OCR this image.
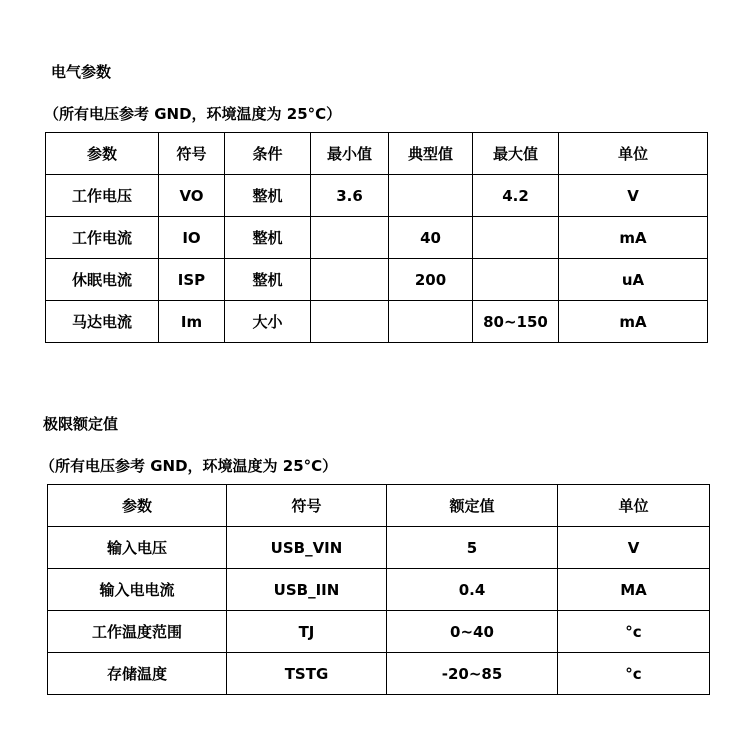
电气参数
（所有电压参考 GND，环境温度为 25°C）
参数	符号	条件	最小值	典型值	最大值	单位
工作电压	VO	整机	3.6		4.2	V
工作电流	IO	整机		40		mA
休眠电流	ISP	整机		200		uA
马达电流	Im	大小			80~150	mA
极限额定值
（所有电压参考 GND，环境温度为 25°C）
参数	符号	额定值	单位
输入电压	USB_VIN	5	V
输入电电流	USB_IIN	0.4	MA
工作温度范围	TJ	0~40	°c
存储温度	TSTG	-20~85	°c
